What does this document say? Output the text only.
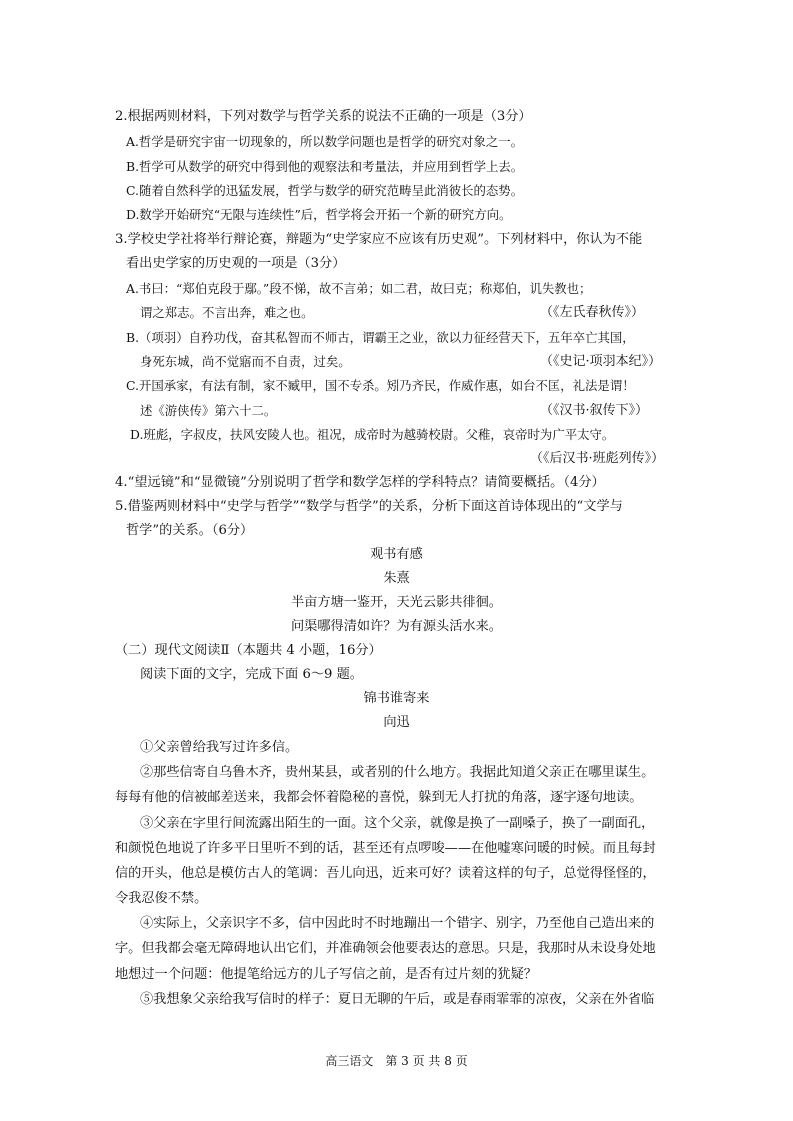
2.根据两则材料，下列对数学与哲学关系的说法不正确的一项是（3分）
A.哲学是研究宇宙一切现象的，所以数学问题也是哲学的研究对象之一。
B.哲学可从数学的研究中得到他的观察法和考量法，并应用到哲学上去。
C.随着自然科学的迅猛发展，哲学与数学的研究范畴呈此消彼长的态势。
D.数学开始研究“无限与连续性”后，哲学将会开拓一个新的研究方向。
3.学校史学社将举行辩论赛，辩题为“史学家应不应该有历史观”。下列材料中，你认为不能
看出史学家的历史观的一项是（3分）
A.书曰：“郑伯克段于鄢。”段不悌，故不言弟；如二君，故曰克；称郑伯，讥失教也；
谓之郑志。不言出奔，难之也。	（《左氏春秋传》）
B.（项羽）自矜功伐，奋其私智而不师古，谓霸王之业，欲以力征经营天下，五年卒亡其国，
身死东城，尚不觉寤而不自责，过矣。	（《史记·项羽本纪》）
C.开国承家，有法有制，家不臧甲，国不专杀。矧乃齐民，作威作惠，如台不匡，礼法是谓！
述《游侠传》第六十二。	（《汉书·叙传下》）
D.班彪，字叔皮，扶风安陵人也。祖况，成帝时为越骑校尉。父稚，哀帝时为广平太守。
（《后汉书·班彪列传》）
4.“望远镜”和“显微镜”分别说明了哲学和数学怎样的学科特点？请简要概括。（4分）
5.借鉴两则材料中“史学与哲学”“数学与哲学”的关系，分析下面这首诗体现出的“文学与
哲学”的关系。（6分）
观书有感
朱熹
半亩方塘一鉴开，天光云影共徘徊。
问渠哪得清如许？为有源头活水来。
（二）现代文阅读Ⅱ（本题共 4 小题，16分）
阅读下面的文字，完成下面 6～9 题。
锦书谁寄来
向迅
①父亲曾给我写过许多信。
②那些信寄自乌鲁木齐，贵州某县，或者别的什么地方。我据此知道父亲正在哪里谋生。
每每有他的信被邮差送来，我都会怀着隐秘的喜悦，躲到无人打扰的角落，逐字逐句地读。
③父亲在字里行间流露出陌生的一面。这个父亲，就像是换了一副嗓子，换了一副面孔，
和颜悦色地说了许多平日里听不到的话，甚至还有点啰唆——在他嘘寒问暖的时候。而且每封
信的开头，他总是模仿古人的笔调：吾儿向迅，近来可好？读着这样的句子，总觉得怪怪的，
令我忍俊不禁。
④实际上，父亲识字不多，信中因此时不时地蹦出一个错字、别字，乃至他自己造出来的
字。但我都会毫无障碍地认出它们，并准确领会他要表达的意思。只是，我那时从未设身处地
地想过一个问题：他提笔给远方的儿子写信之前，是否有过片刻的犹疑？
⑤我想象父亲给我写信时的样子：夏日无聊的午后，或是春雨霏霏的凉夜，父亲在外省临
高三语文　第 3 页 共 8 页
